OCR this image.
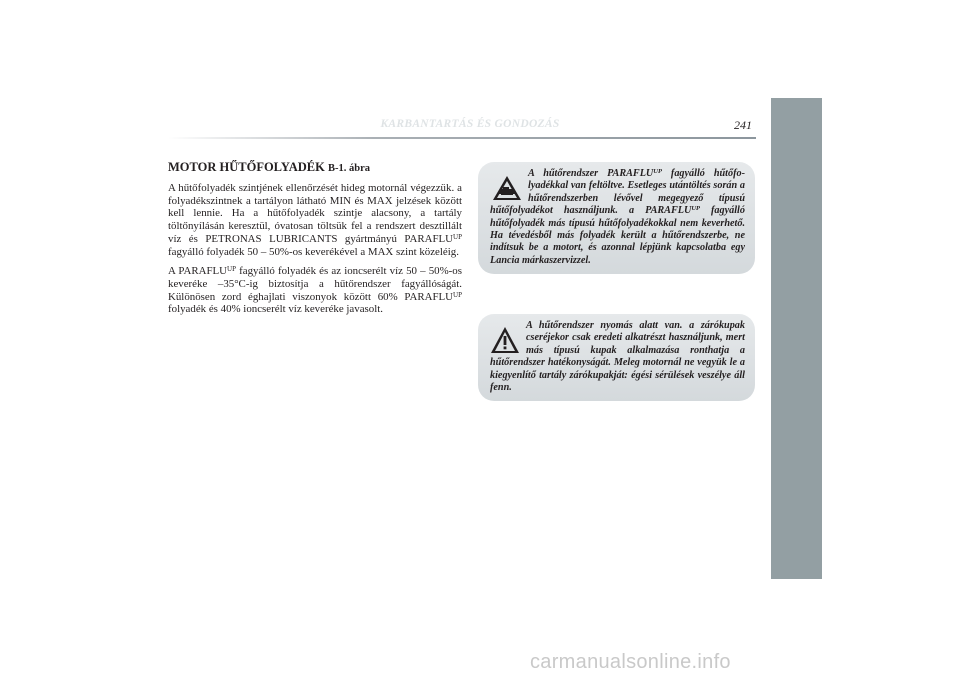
KARBANTARTÁS ÉS GONDOZÁS	241
MOTOR HŰTŐFOLYADÉK B-1. ábra

A hűtőfolyadék szintjének ellenőrzését hideg motornál végezzük. a folyadékszintnek a tartályon látható MIN és MAX jelzések között kell lennie. Ha a hűtőfolyadék szintje alacsony, a tartály töltőnyílásán keresztül, óvatosan töltsük fel a rendszert desztillált víz és PETRONAS LUBRICANTS gyártmányú $PARAFLU^{UP}$ fagyálló folyadék 50 – 50%-os keverékével a MAX szint közeléig.

A $PARAFLU^{UP}$ fagyálló folyadék és az ioncserélt víz 50 – 50%-os keveréke –35°C-ig biztosítja a hűtőrendszer fagyállóságát. Különösen zord éghajlati viszonyok között 60% $PARAFLU^{UP}$ folyadék és 40% ioncserélt víz keveréke javasolt.

A hűtőrendszer $PARAFLU^{UP}$ fagyálló hűtőfolyadékkal van feltöltve. Esetleges utántöltés során a hűtőrendszerben lévővel megegyező típusú hűtőfolyadékot használjunk. a $PARAFLU^{UP}$ fagyálló hűtőfolyadék más típusú hűtőfolyadékokkal nem keverhető. Ha tévedésből más folyadék került a hűtőrendszerbe, ne indítsuk be a motort, és azonnal lépjünk kapcsolatba egy Lancia márkaszervizzel.

A hűtőrendszer nyomás alatt van. a zárókupak cseréjekor csak eredeti alkatrészt használjunk, mert más típusú kupak alkalmazása ronthatja a hűtőrendszer hatékonyságát. Meleg motornál ne vegyük le a kiegyenlítő tartály zárókupakját: égési sérülések veszélye áll fenn.

carmanualsonline.info
